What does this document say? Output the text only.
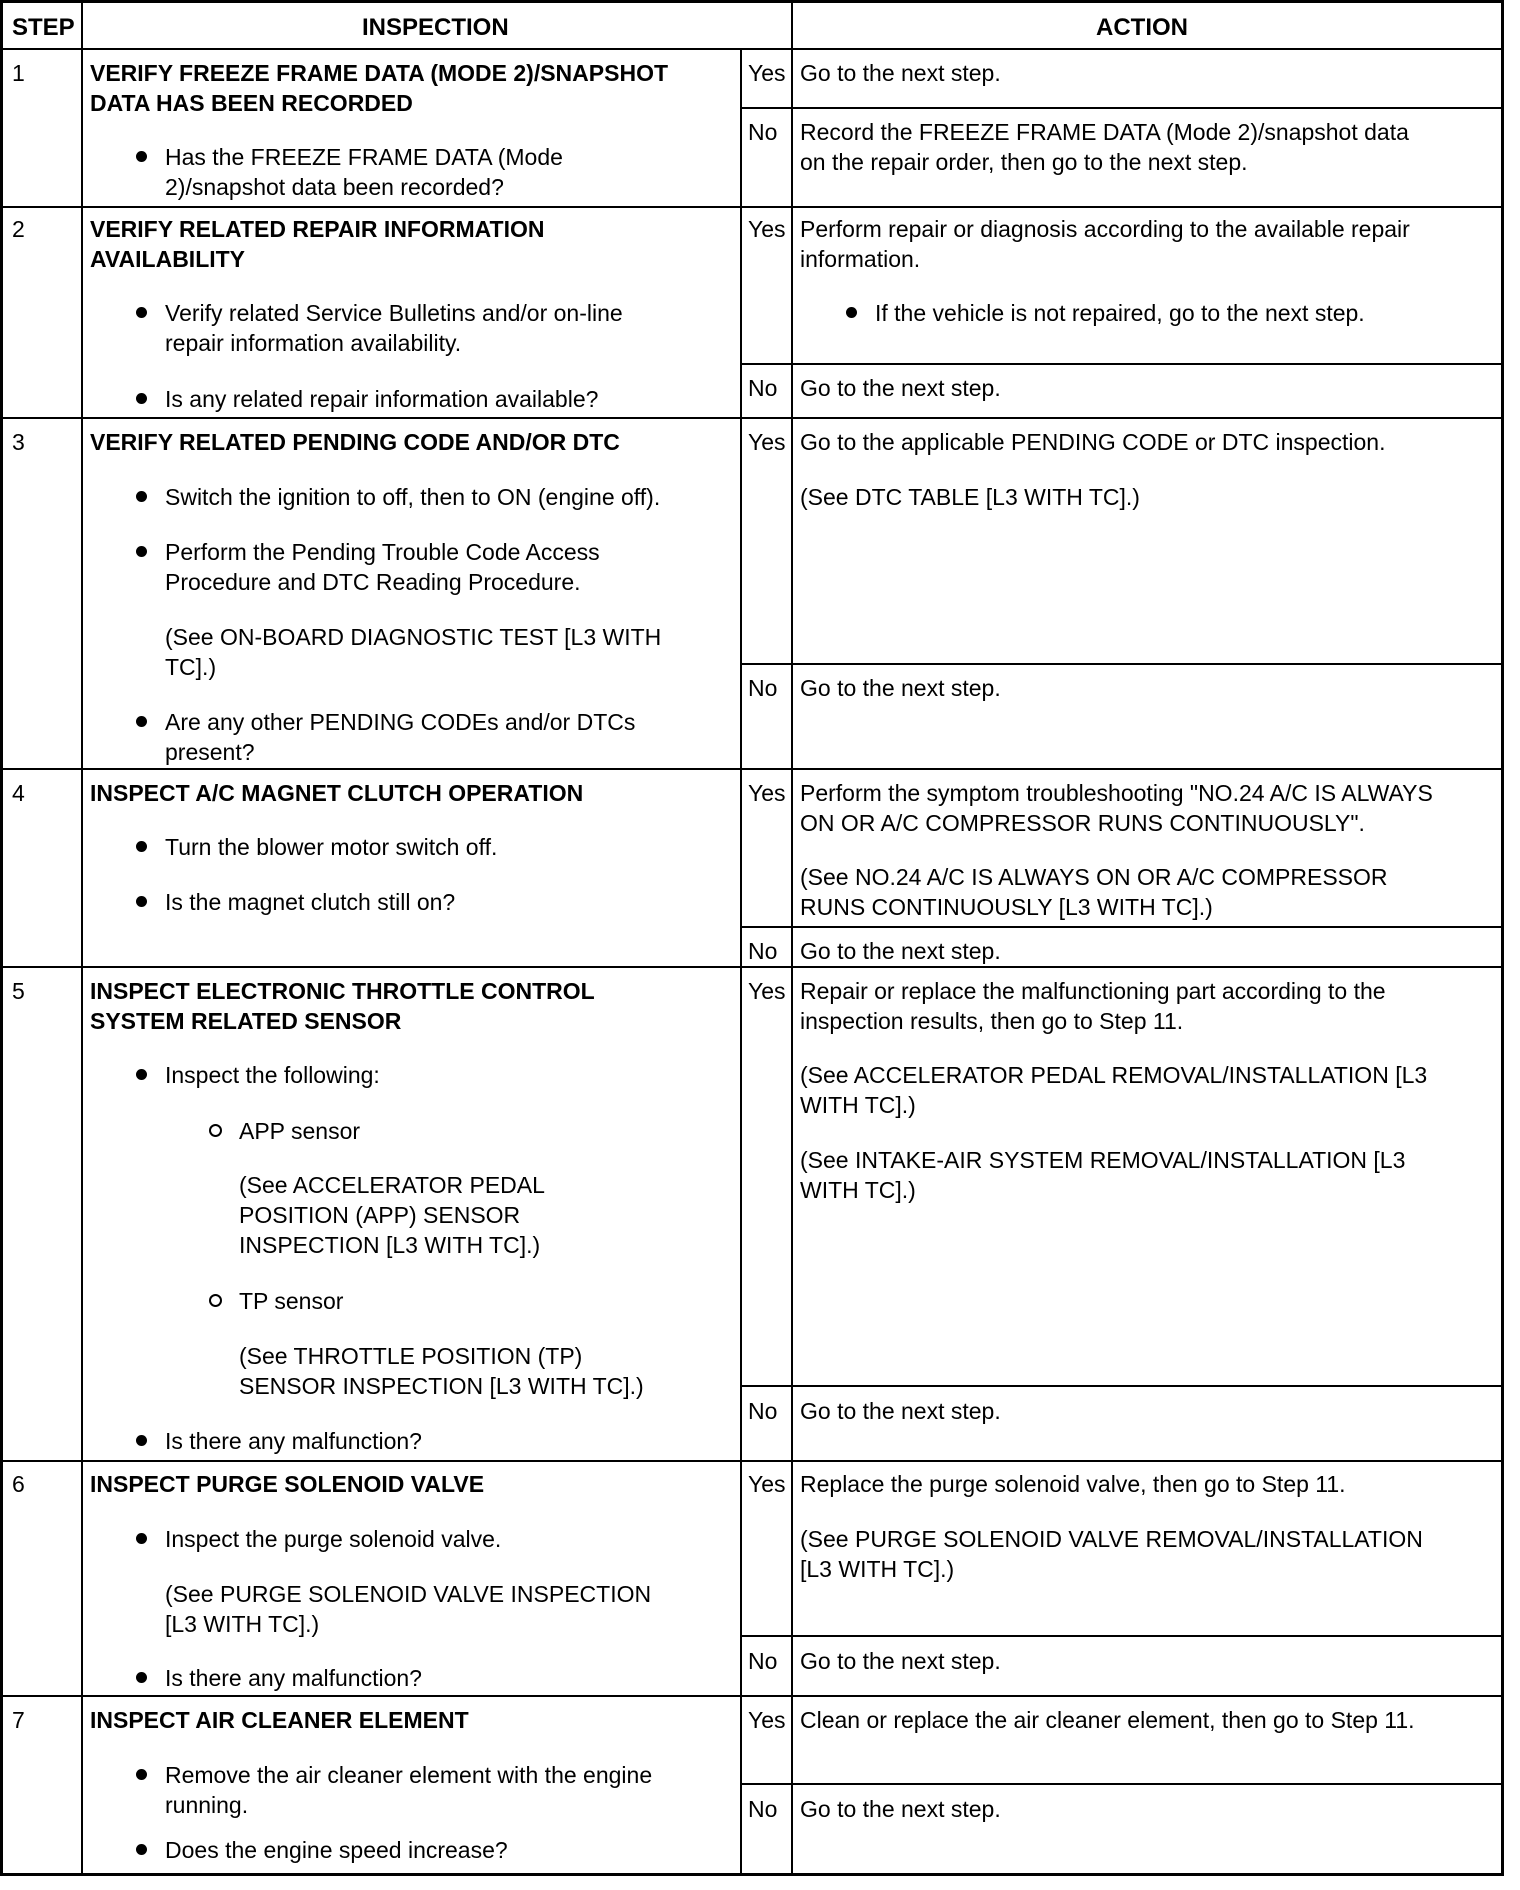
STEP	INSPECTION	ACTION
1	VERIFY FREEZE FRAME DATA (MODE 2)/SNAPSHOT
DATA HAS BEEN RECORDED
Has the FREEZE FRAME DATA (Mode
2)/snapshot data been recorded?
Yes Go to the next step.
No Record the FREEZE FRAME DATA (Mode 2)/snapshot data
on the repair order, then go to the next step.
2	VERIFY RELATED REPAIR INFORMATION
AVAILABILITY
Verify related Service Bulletins and/or on-line
repair information availability.
Is any related repair information available?
Yes Perform repair or diagnosis according to the available repair
information.
If the vehicle is not repaired, go to the next step.
No Go to the next step.
3	VERIFY RELATED PENDING CODE AND/OR DTC
Switch the ignition to off, then to ON (engine off).
Perform the Pending Trouble Code Access
Procedure and DTC Reading Procedure.
(See ON-BOARD DIAGNOSTIC TEST [L3 WITH
TC].)
Are any other PENDING CODEs and/or DTCs
present?
Yes Go to the applicable PENDING CODE or DTC inspection.
(See DTC TABLE [L3 WITH TC].)
No Go to the next step.
4	INSPECT A/C MAGNET CLUTCH OPERATION
Turn the blower motor switch off.
Is the magnet clutch still on?
Yes Perform the symptom troubleshooting "NO.24 A/C IS ALWAYS
ON OR A/C COMPRESSOR RUNS CONTINUOUSLY".
(See NO.24 A/C IS ALWAYS ON OR A/C COMPRESSOR
RUNS CONTINUOUSLY [L3 WITH TC].)
No Go to the next step.
5	INSPECT ELECTRONIC THROTTLE CONTROL
SYSTEM RELATED SENSOR
Inspect the following:
APP sensor
(See ACCELERATOR PEDAL
POSITION (APP) SENSOR
INSPECTION [L3 WITH TC].)
TP sensor
(See THROTTLE POSITION (TP)
SENSOR INSPECTION [L3 WITH TC].)
Is there any malfunction?
Yes Repair or replace the malfunctioning part according to the
inspection results, then go to Step 11.
(See ACCELERATOR PEDAL REMOVAL/INSTALLATION [L3
WITH TC].)
(See INTAKE-AIR SYSTEM REMOVAL/INSTALLATION [L3
WITH TC].)
No Go to the next step.
6	INSPECT PURGE SOLENOID VALVE
Inspect the purge solenoid valve.
(See PURGE SOLENOID VALVE INSPECTION
[L3 WITH TC].)
Is there any malfunction?
Yes Replace the purge solenoid valve, then go to Step 11.
(See PURGE SOLENOID VALVE REMOVAL/INSTALLATION
[L3 WITH TC].)
No Go to the next step.
7	INSPECT AIR CLEANER ELEMENT
Remove the air cleaner element with the engine
running.
Does the engine speed increase?
Yes Clean or replace the air cleaner element, then go to Step 11.
No Go to the next step.
